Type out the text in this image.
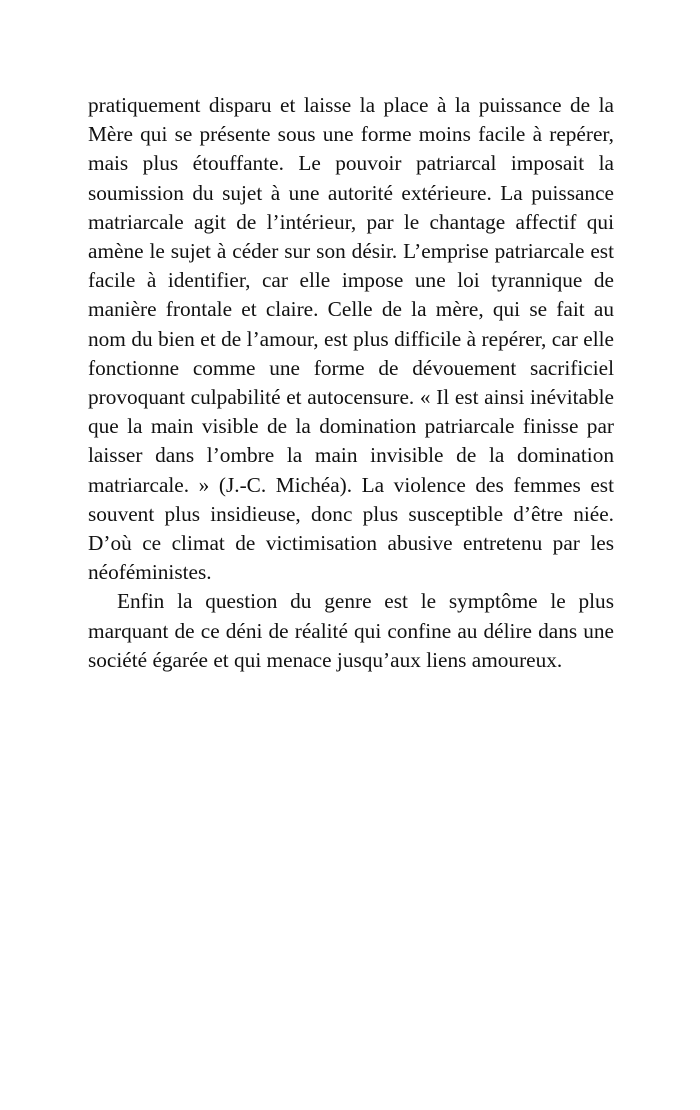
pratiquement disparu et laisse la place à la puissance de la Mère qui se présente sous une forme moins facile à repérer, mais plus étouffante. Le pouvoir patriarcal imposait la soumission du sujet à une autorité extérieure. La puissance matriarcale agit de l’intérieur, par le chantage affectif qui amène le sujet à céder sur son désir. L’emprise patriarcale est facile à identifier, car elle impose une loi tyrannique de manière frontale et claire. Celle de la mère, qui se fait au nom du bien et de l’amour, est plus difficile à repérer, car elle fonctionne comme une forme de dévouement sacrificiel provoquant culpabilité et autocensure. « Il est ainsi inévitable que la main visible de la domination patriarcale finisse par laisser dans l’ombre la main invisible de la domination matriarcale. » (J.-C. Michéa). La violence des femmes est souvent plus insidieuse, donc plus susceptible d’être niée. D’où ce climat de victimisation abusive entretenu par les néoféministes.

Enfin la question du genre est le symptôme le plus marquant de ce déni de réalité qui confine au délire dans une société égarée et qui menace jusqu’aux liens amoureux.
